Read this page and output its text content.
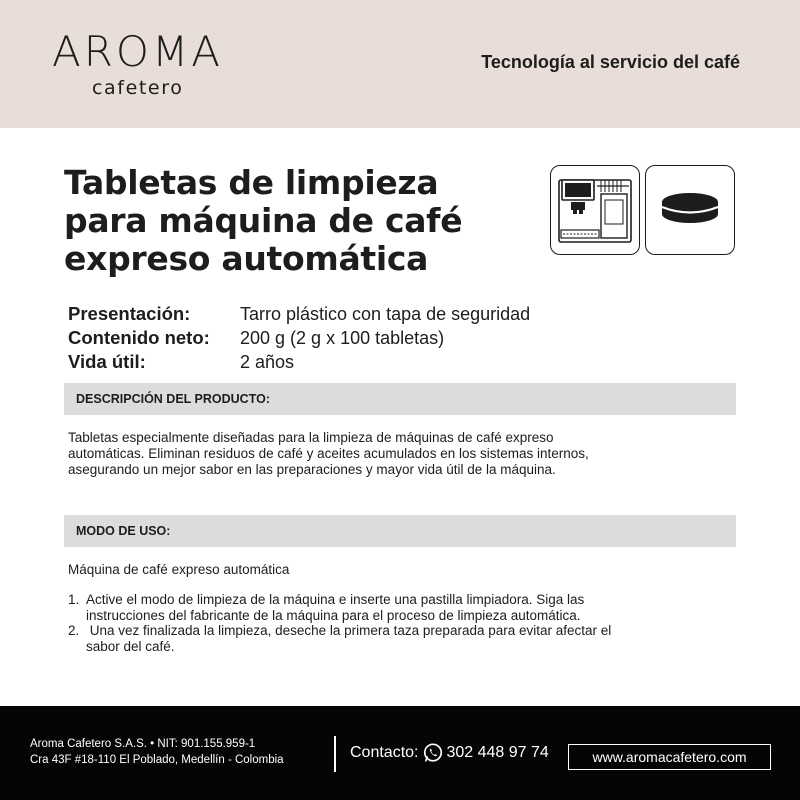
AROMA
cafetero
Tecnología al servicio del café
Tabletas de limpieza
para máquina de café
expreso automática
Presentación:	Tarro plástico con tapa de seguridad
Contenido neto:	200 g (2 g x 100 tabletas)
Vida útil:	2 años
DESCRIPCIÓN DEL PRODUCTO:
Tabletas especialmente diseñadas para la limpieza de máquinas de café expreso
automáticas. Eliminan residuos de café y aceites acumulados en los sistemas internos,
asegurando un mejor sabor en las preparaciones y mayor vida útil de la máquina.
MODO DE USO:
Máquina de café expreso automática
1. Active el modo de limpieza de la máquina e inserte una pastilla limpiadora. Siga las
instrucciones del fabricante de la máquina para el proceso de limpieza automática.
2. Una vez finalizada la limpieza, deseche la primera taza preparada para evitar afectar el
sabor del café.
Aroma Cafetero S.A.S. • NIT: 901.155.959-1
Cra 43F #18-110 El Poblado, Medellín - Colombia	Contacto: 302 448 97 74	www.aromacafetero.com
